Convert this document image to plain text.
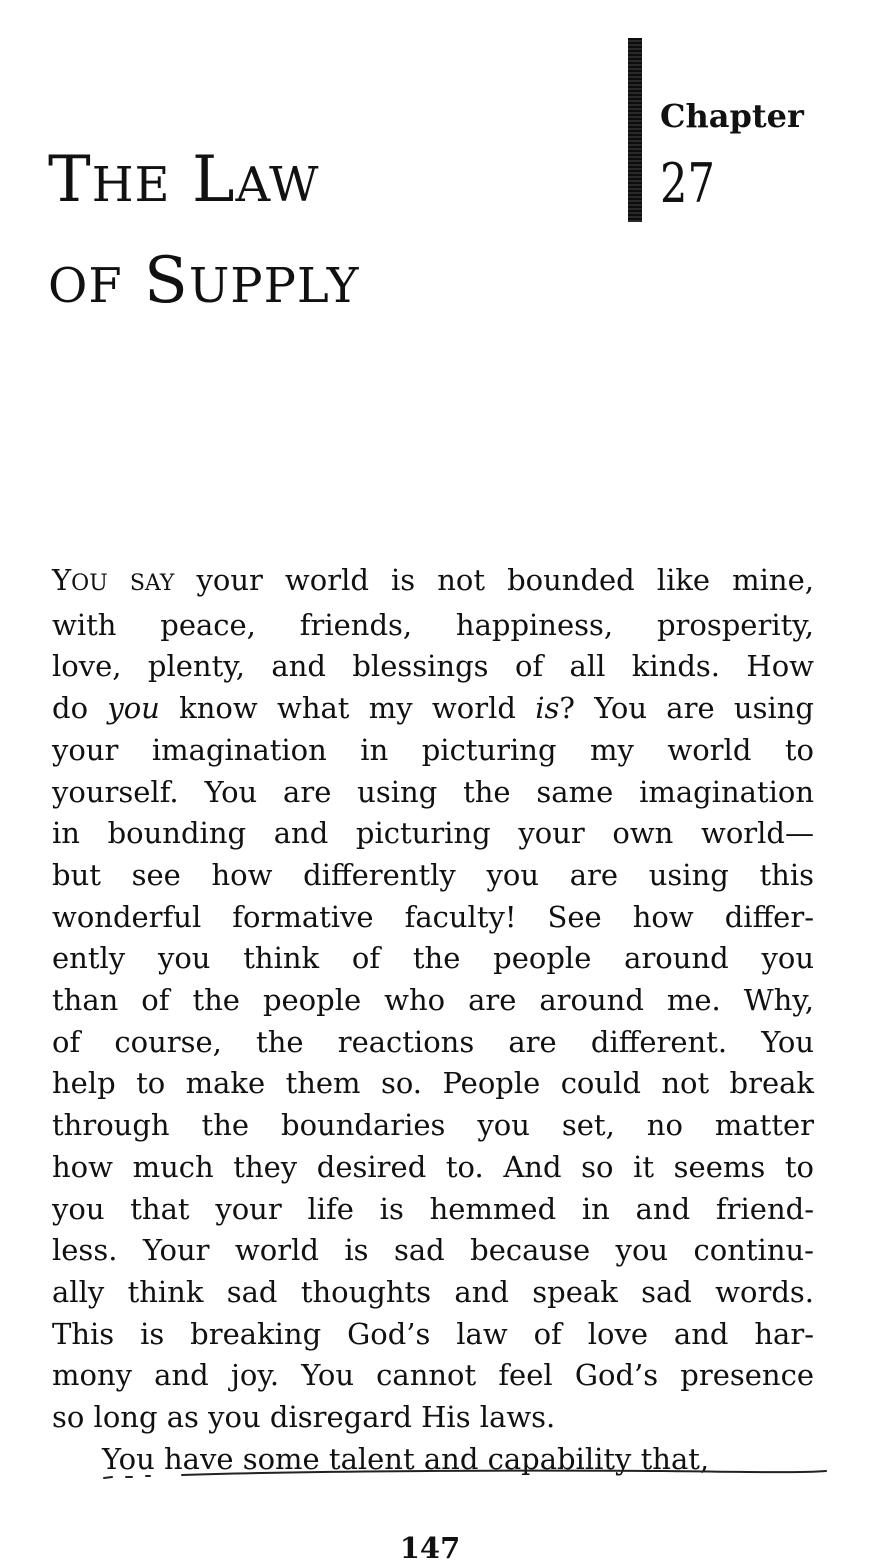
THE LAW
OF SUPPLY
Chapter
27
YOU SAY your world is not bounded like mine,
with peace, friends, happiness, prosperity,
love, plenty, and blessings of all kinds. How
do you know what my world is? You are using
your imagination in picturing my world to
yourself. You are using the same imagination
in bounding and picturing your own world—
but see how differently you are using this
wonderful formative faculty! See how differ-
ently you think of the people around you
than of the people who are around me. Why,
of course, the reactions are different. You
help to make them so. People could not break
through the boundaries you set, no matter
how much they desired to. And so it seems to
you that your life is hemmed in and friend-
less. Your world is sad because you continu-
ally think sad thoughts and speak sad words.
This is breaking God’s law of love and har-
mony and joy. You cannot feel God’s presence
so long as you disregard His laws.
You have some talent and capability that,
147
